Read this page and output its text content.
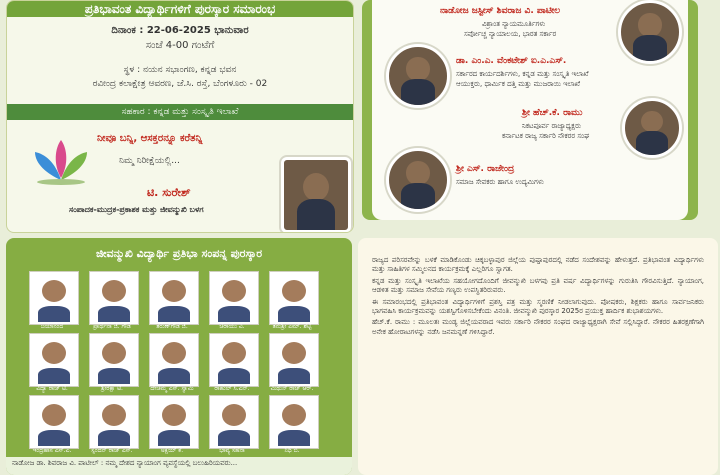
ಪ್ರತಿಭಾವಂತ ವಿದ್ಯಾರ್ಥಿಗಳಿಗೆ ಪುರಸ್ಕಾರ ಸಮಾರಂಭ
ದಿನಾಂಕ : 22-06-2025 ಭಾನುವಾರ
ಸಂಜೆ 4-00 ಗಂಟೆಗೆ
ಸ್ಥಳ : ನಯನ ಸಭಾಂಗಣ, ಕನ್ನಡ ಭವನ
ರವೀಂದ್ರ ಕಲಾಕ್ಷೇತ್ರ ಆವರಣ, ಜೆ.ಸಿ. ರಸ್ತೆ, ಬೆಂಗಳೂರು - 02
ಸಹಕಾರ : ಕನ್ನಡ ಮತ್ತು ಸಂಸ್ಕೃತಿ ಇಲಾಖೆ
ನೀವೂ ಬನ್ನಿ, ಆಸಕ್ತರನ್ನೂ ಕರೆತನ್ನಿ
ನಿಮ್ಮ ನಿರೀಕ್ಷೆಯಲ್ಲಿ...
ಟಿ. ಸುರೇಶ್
ಸಂಪಾದಕ-ಮುದ್ರಕ-ಪ್ರಕಾಶಕ ಮತ್ತು ಜೀವನ್ಮುಖಿ ಬಳಗ
ನಾಡೋಜ ಜಸ್ಟೀಸ್ ಶಿವರಾಜ ವಿ. ಪಾಟೀಲ
ವಿಶ್ರಾಂತ ನ್ಯಾಯಮೂರ್ತಿಗಳು
ಸರ್ವೋಚ್ಚ ನ್ಯಾಯಾಲಯ, ಭಾರತ ಸರ್ಕಾರ
ಡಾ. ಎಂ.ಎ. ವೆಂಕಟೇಶ್ ಐ.ಎ.ಎಸ್.
ಸರ್ಕಾರದ ಕಾರ್ಯದರ್ಶಿಗಳು, ಕನ್ನಡ ಮತ್ತು ಸಂಸ್ಕೃತಿ ಇಲಾಖೆ
ಆಯುಕ್ತರು, ಧಾರ್ಮಿಕ ದತ್ತಿ ಮತ್ತು ಮುಜರಾಯಿ ಇಲಾಖೆ
ಶ್ರೀ ಹೆಚ್.ಕೆ. ರಾಮು
ನಿಕಟಪೂರ್ವ ರಾಜ್ಯಾಧ್ಯಕ್ಷರು
ಕರ್ನಾಟಕ ರಾಜ್ಯ ಸರ್ಕಾರಿ ನೌಕರರ ಸಂಘ
ಶ್ರೀ ಎಸ್. ರಾಜೇಂದ್ರ
ಸಮಾಜ ಸೇವಕರು ಹಾಗೂ ಉದ್ಯಮಿಗಳು
ಜೀವನ್ಮುಖಿ ವಿದ್ಯಾರ್ಥಿ ಪ್ರತಿಭಾ ಸಂಪನ್ನ ಪುರಸ್ಕಾರ
ಜಯಾನಂದ	ಪ್ರಾರ್ಥನಾ ಜಿ. ಗೌಡ	ತರುಣ್‌ಗೌಡ ಜಿ.	ಚಿರಾಯು ವಿ.	ತನುಶ್ರೀ ಎಮ್. ಶೆಟ್ಟಿ
ವಿದ್ಯಾ ರಾಜ್ ಟಿ.	ಶ್ರೀರಕ್ಷಾ ಟಿ.	ದೇಚಮ್ಮ ಎಸ್. ಸ್ವಾಮಿ	ರಾಹುಲ್ ಸಿ.ಎನ್.	ಮಿಥುನ್ ರಾಜ್ ಆರ್.
ಇಂದ್ರಹಾಸ ಎಸ್.ಎ.	ಸ್ಪಂದನ್ ರಾಜ್ ಎಸ್.	ಅಕ್ಷಯ್ ಕೆ.	ಭಾವ್ಯ ಸಹನಾ	ನಿಧಿ ಬಿ.
ನಾಡೋಜ ಡಾ. ಶಿವರಾಜ ವಿ. ಪಾಟೀಲ್ : ನಮ್ಮ ದೇಶದ ನ್ಯಾಯಾಂಗ ವ್ಯವಸ್ಥೆಯಲ್ಲಿ ಬಲುಹಿರಿಯವರು...

ರಾಜ್ಯದ ಪರಿಸರವೇನ್ನು ಬಳಕೆ ಮಾಡಿಕೊಂಡು ಚಿಕ್ಕಬಳ್ಳಾಪುರ ಜಿಲ್ಲೆಯ ಪುಷ್ಪಾಪುರದಲ್ಲಿ ನಡೆದ ಸಂದೇಶವನ್ನು ಹೇಳುತ್ತದೆ. ಪ್ರತಿಭಾವಂತ ವಿದ್ಯಾರ್ಥಿಗಳು ಮತ್ತು ಸಾಹಿತಿಗಳ ಸಮ್ಮಿಲನದ ಕಾರ್ಯಕ್ರಮಕ್ಕೆ ಎಲ್ಲರಿಗೂ ಸ್ವಾಗತ.

ಕನ್ನಡ ಮತ್ತು ಸಂಸ್ಕೃತಿ ಇಲಾಖೆಯ ಸಹಯೋಗದೊಂದಿಗೆ ಜೀವನ್ಮುಖಿ ಬಳಗವು ಪ್ರತಿ ವರ್ಷ ವಿದ್ಯಾರ್ಥಿಗಳನ್ನು ಗುರುತಿಸಿ ಗೌರವಿಸುತ್ತಿದೆ. ನ್ಯಾಯಾಂಗ, ಆಡಳಿತ ಮತ್ತು ಸಮಾಜ ಸೇವೆಯ ಗಣ್ಯರು ಉಪಸ್ಥಿತರಿರುವರು.

ಈ ಸಮಾರಂಭದಲ್ಲಿ ಪ್ರತಿಭಾವಂತ ವಿದ್ಯಾರ್ಥಿಗಳಿಗೆ ಪ್ರಶಸ್ತಿ ಪತ್ರ ಮತ್ತು ಸ್ಮರಣಿಕೆ ನೀಡಲಾಗುವುದು. ಪೋಷಕರು, ಶಿಕ್ಷಕರು ಹಾಗೂ ಸಾರ್ವಜನಿಕರು ಭಾಗವಹಿಸಿ ಕಾರ್ಯಕ್ರಮವನ್ನು ಯಶಸ್ವಿಗೊಳಿಸಬೇಕೆಂದು ವಿನಂತಿ. ಜೀವನ್ಮುಖಿ ಪುರಸ್ಕಾರ 2025ರ ಪ್ರಯುಕ್ತ ಹಾರ್ದಿಕ ಶುಭಾಶಯಗಳು.

ಹೆಚ್.ಕೆ. ರಾಮು : ಮೂಲತಃ ಮಂಡ್ಯ ಜಿಲ್ಲೆಯವರಾದ ಇವರು ಸರ್ಕಾರಿ ನೌಕರರ ಸಂಘದ ರಾಜ್ಯಾಧ್ಯಕ್ಷರಾಗಿ ಸೇವೆ ಸಲ್ಲಿಸಿದ್ದಾರೆ. ನೌಕರರ ಹಿತರಕ್ಷಣೆಗಾಗಿ ಅನೇಕ ಹೋರಾಟಗಳನ್ನು ನಡೆಸಿ ಜನಮನ್ನಣೆ ಗಳಿಸಿದ್ದಾರೆ.
